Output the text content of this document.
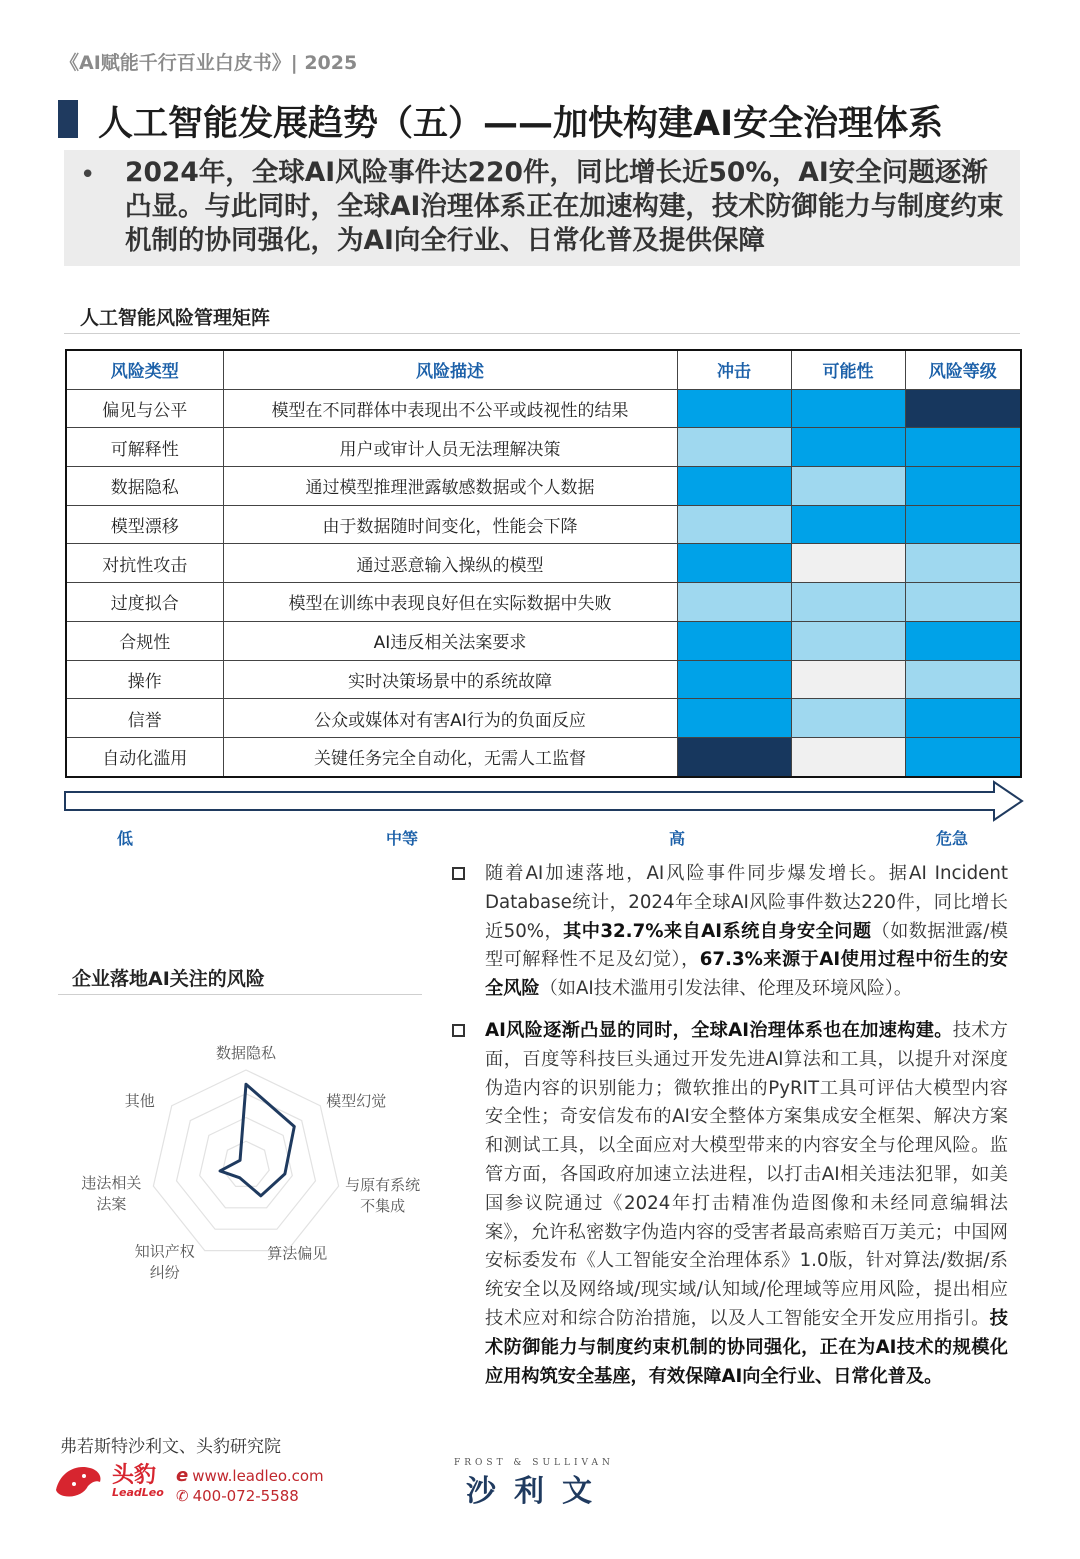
《AI赋能千行百业白皮书》| 2025
人工智能发展趋势（五）——加快构建AI安全治理体系
• 2024年，全球AI风险事件达220件，同比增长近50%，AI安全问题逐渐凸显。与此同时，全球AI治理体系正在加速构建，技术防御能力与制度约束机制的协同强化，为AI向全行业、日常化普及提供保障
人工智能风险管理矩阵
风险类型	风险描述	冲击	可能性	风险等级
偏见与公平	模型在不同群体中表现出不公平或歧视性的结果			
可解释性	用户或审计人员无法理解决策			
数据隐私	通过模型推理泄露敏感数据或个人数据			
模型漂移	由于数据随时间变化，性能会下降			
对抗性攻击	通过恶意输入操纵的模型			
过度拟合	模型在训练中表现良好但在实际数据中失败			
合规性	AI违反相关法案要求			
操作	实时决策场景中的系统故障			
信誉	公众或媒体对有害AI行为的负面反应			
自动化滥用	关键任务完全自动化，无需人工监督			
低	中等	高	危急
企业落地AI关注的风险
数据隐私
模型幻觉
与原有系统不集成
算法偏见
知识产权纠纷
违法相关法案
其他
随着AI加速落地，AI风险事件同步爆发增长。据AI Incident Database统计，2024年全球AI风险事件数达220件，同比增长近50%，其中32.7%来自AI系统自身安全问题（如数据泄露/模型可解释性不足及幻觉），67.3%来源于AI使用过程中衍生的安全风险（如AI技术滥用引发法律、伦理及环境风险）。
AI风险逐渐凸显的同时，全球AI治理体系也在加速构建。技术方面，百度等科技巨头通过开发先进AI算法和工具，以提升对深度伪造内容的识别能力；微软推出的PyRIT工具可评估大模型内容安全性；奇安信发布的AI安全整体方案集成安全框架、解决方案和测试工具，以全面应对大模型带来的内容安全与伦理风险。监管方面，各国政府加速立法进程，以打击AI相关违法犯罪，如美国参议院通过《2024年打击精准伪造图像和未经同意编辑法案》，允许私密数字伪造内容的受害者最高索赔百万美元；中国网安标委发布《人工智能安全治理体系》1.0版，针对算法/数据/系统安全以及网络域/现实域/认知域/伦理域等应用风险，提出相应技术应对和综合防治措施，以及人工智能安全开发应用指引。技术防御能力与制度约束机制的协同强化，正在为AI技术的规模化应用构筑安全基座，有效保障AI向全行业、日常化普及。
弗若斯特沙利文、头豹研究院
头豹
LeadLeo
e www.leadleo.com
✆ 400-072-5588
FROST & SULLIVAN
沙利文
